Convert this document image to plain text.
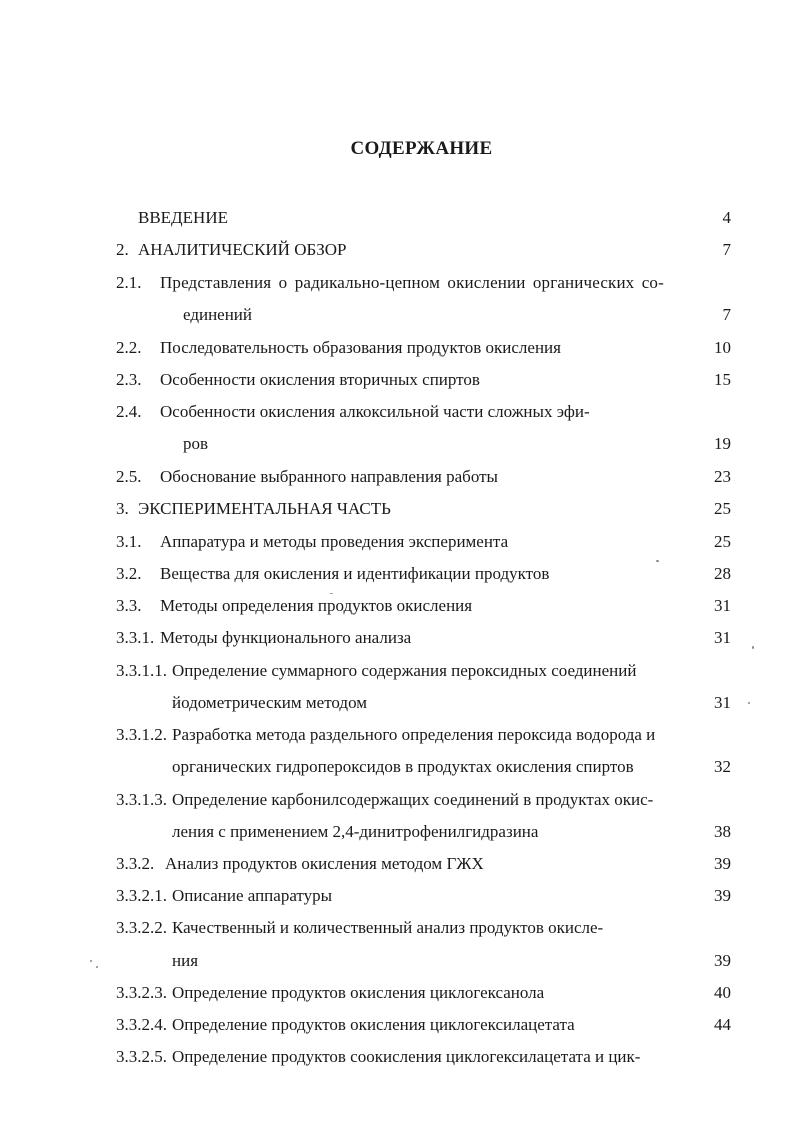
СОДЕРЖАНИЕ
ВВЕДЕНИЕ	4
2. АНАЛИТИЧЕСКИЙ ОБЗОР	7
2.1. Представления о радикально-цепном окислении органических со-
единений	7
2.2. Последовательность образования продуктов окисления	10
2.3. Особенности окисления вторичных спиртов	15
2.4. Особенности окисления алкоксильной части сложных эфи-
ров	19
2.5. Обоснование выбранного направления работы	23
3. ЭКСПЕРИМЕНТАЛЬНАЯ ЧАСТЬ	25
3.1. Аппаратура и методы проведения эксперимента	25
3.2. Вещества для окисления и идентификации продуктов	28
3.3. Методы определения продуктов окисления	31
3.3.1. Методы функционального анализа	31
3.3.1.1. Определение суммарного содержания пероксидных соединений
йодометрическим методом	31
3.3.1.2. Разработка метода раздельного определения пероксида водорода и
органических гидропероксидов в продуктах окисления спиртов	32
3.3.1.3. Определение карбонилсодержащих соединений в продуктах окис-
ления с применением 2,4-динитрофенилгидразина	38
3.3.2. Анализ продуктов окисления методом ГЖХ	39
3.3.2.1. Описание аппаратуры	39
3.3.2.2. Качественный и количественный анализ продуктов окисле-
ния	39
3.3.2.3. Определение продуктов окисления циклогексанола	40
3.3.2.4. Определение продуктов окисления циклогексилацетата	44
3.3.2.5. Определение продуктов соокисления циклогексилацетата и цик-
